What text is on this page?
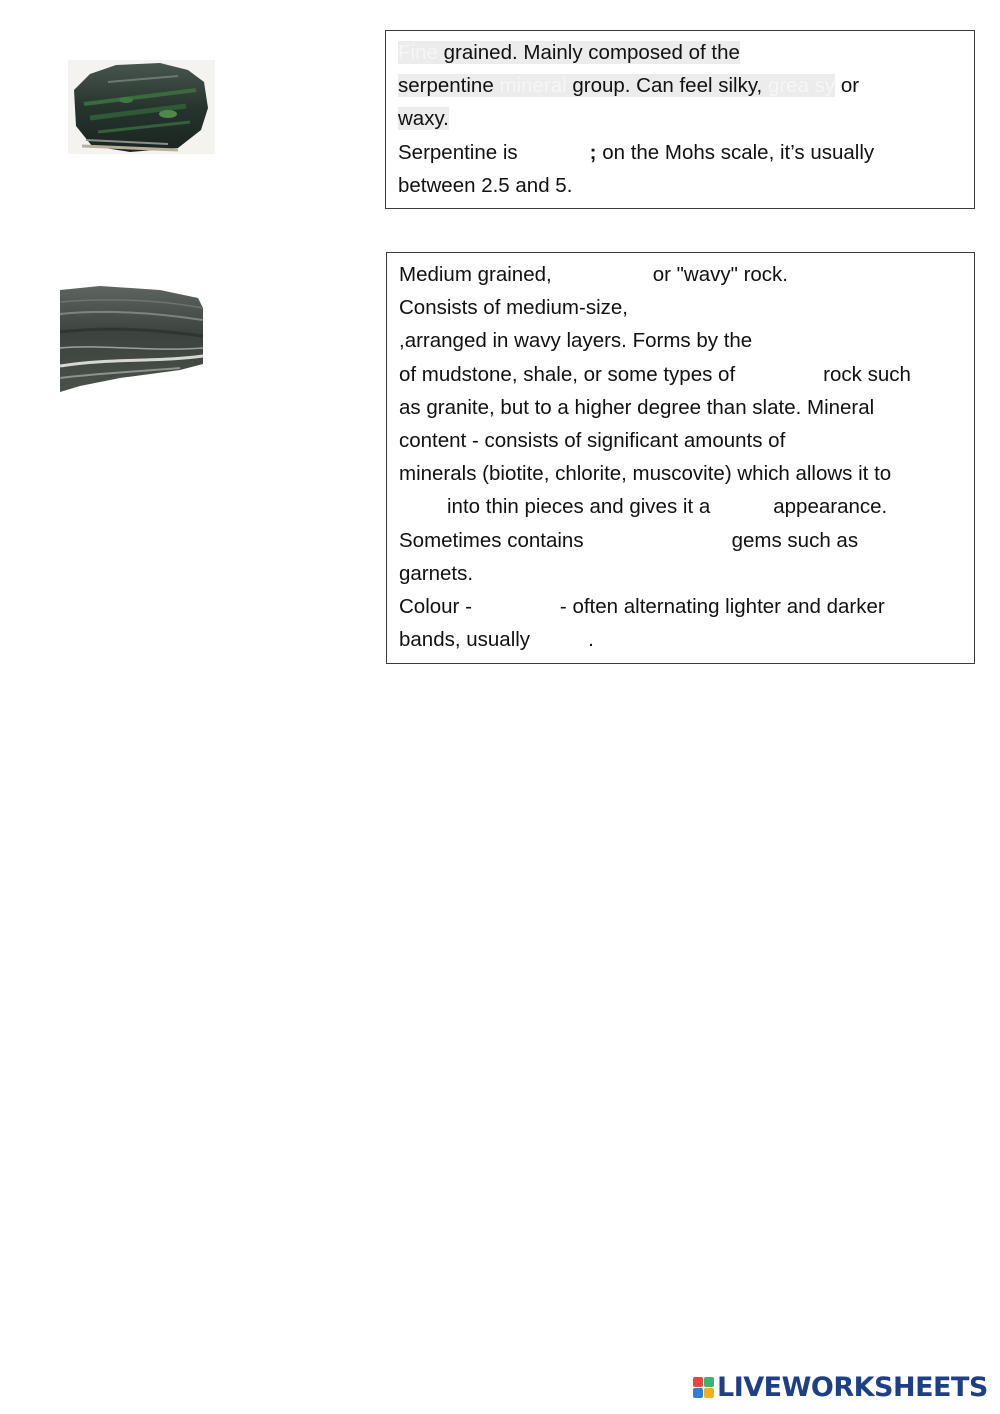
Fine grained. Mainly composed of the
serpentine mineral group. Can feel silky, grea sy or
waxy.
Serpentine is	; on the Mohs scale, it’s usually
between 2.5 and 5.
Medium grained,	or "wavy" rock.
Consists of medium-size,
,arranged in wavy layers. Forms by the
of mudstone, shale, or some types of	rock such
as granite, but to a higher degree than slate. Mineral
content - consists of significant amounts of
minerals (biotite, chlorite, muscovite) which allows it to
into thin pieces and gives it a	appearance.
Sometimes contains	gems such as
garnets.
Colour -	- often alternating lighter and darker
bands, usually	.
LIVEWORKSHEETS
